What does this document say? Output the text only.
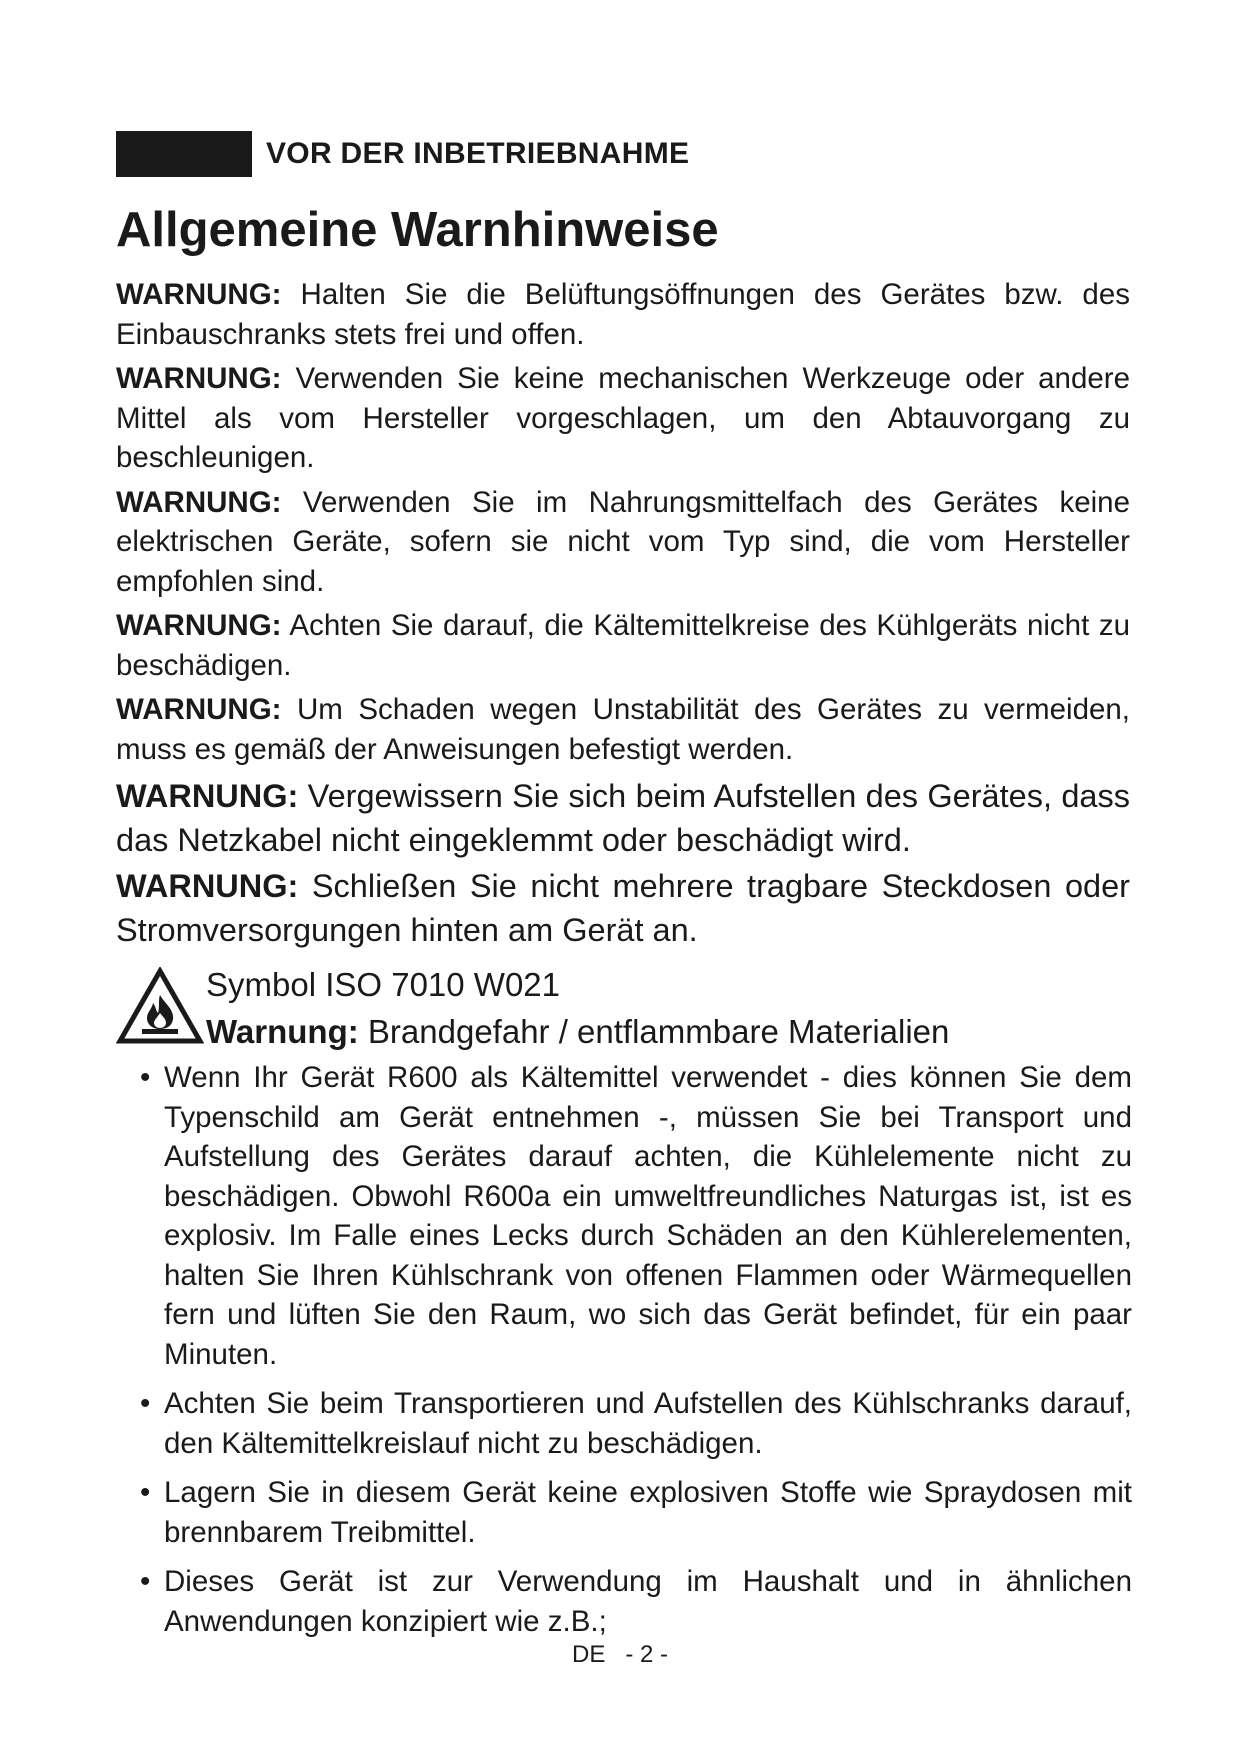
VOR DER INBETRIEBNAHME
Allgemeine Warnhinweise

WARNUNG: Halten Sie die Belüftungsöffnungen des Gerätes bzw. des Einbauschranks stets frei und offen.

WARNUNG: Verwenden Sie keine mechanischen Werkzeuge oder andere Mittel als vom Hersteller vorgeschlagen, um den Abtauvorgang zu beschleunigen.

WARNUNG: Verwenden Sie im Nahrungsmittelfach des Gerätes keine elektrischen Geräte, sofern sie nicht vom Typ sind, die vom Hersteller empfohlen sind.

WARNUNG: Achten Sie darauf, die Kältemittelkreise des Kühlgeräts nicht zu beschädigen.

WARNUNG: Um Schaden wegen Unstabilität des Gerätes zu vermeiden, muss es gemäß der Anweisungen befestigt werden.

WARNUNG: Vergewissern Sie sich beim Aufstellen des Gerätes, dass das Netzkabel nicht eingeklemmt oder beschädigt wird.

WARNUNG: Schließen Sie nicht mehrere tragbare Steckdosen oder Stromversorgungen hinten am Gerät an.

Symbol ISO 7010 W021
Warnung: Brandgefahr / entflammbare Materialien
• Wenn Ihr Gerät R600 als Kältemittel verwendet - dies können Sie dem Typenschild am Gerät entnehmen -, müssen Sie bei Transport und Aufstellung des Gerätes darauf achten, die Kühlelemente nicht zu beschädigen. Obwohl R600a ein umweltfreundliches Naturgas ist, ist es explosiv. Im Falle eines Lecks durch Schäden an den Kühlerelementen, halten Sie Ihren Kühlschrank von offenen Flammen oder Wärmequellen fern und lüften Sie den Raum, wo sich das Gerät befindet, für ein paar Minuten.
• Achten Sie beim Transportieren und Aufstellen des Kühlschranks darauf, den Kältemittelkreislauf nicht zu beschädigen.
• Lagern Sie in diesem Gerät keine explosiven Stoffe wie Spraydosen mit brennbarem Treibmittel.
• Dieses Gerät ist zur Verwendung im Haushalt und in ähnlichen Anwendungen konzipiert wie z.B.;
DE   - 2 -
